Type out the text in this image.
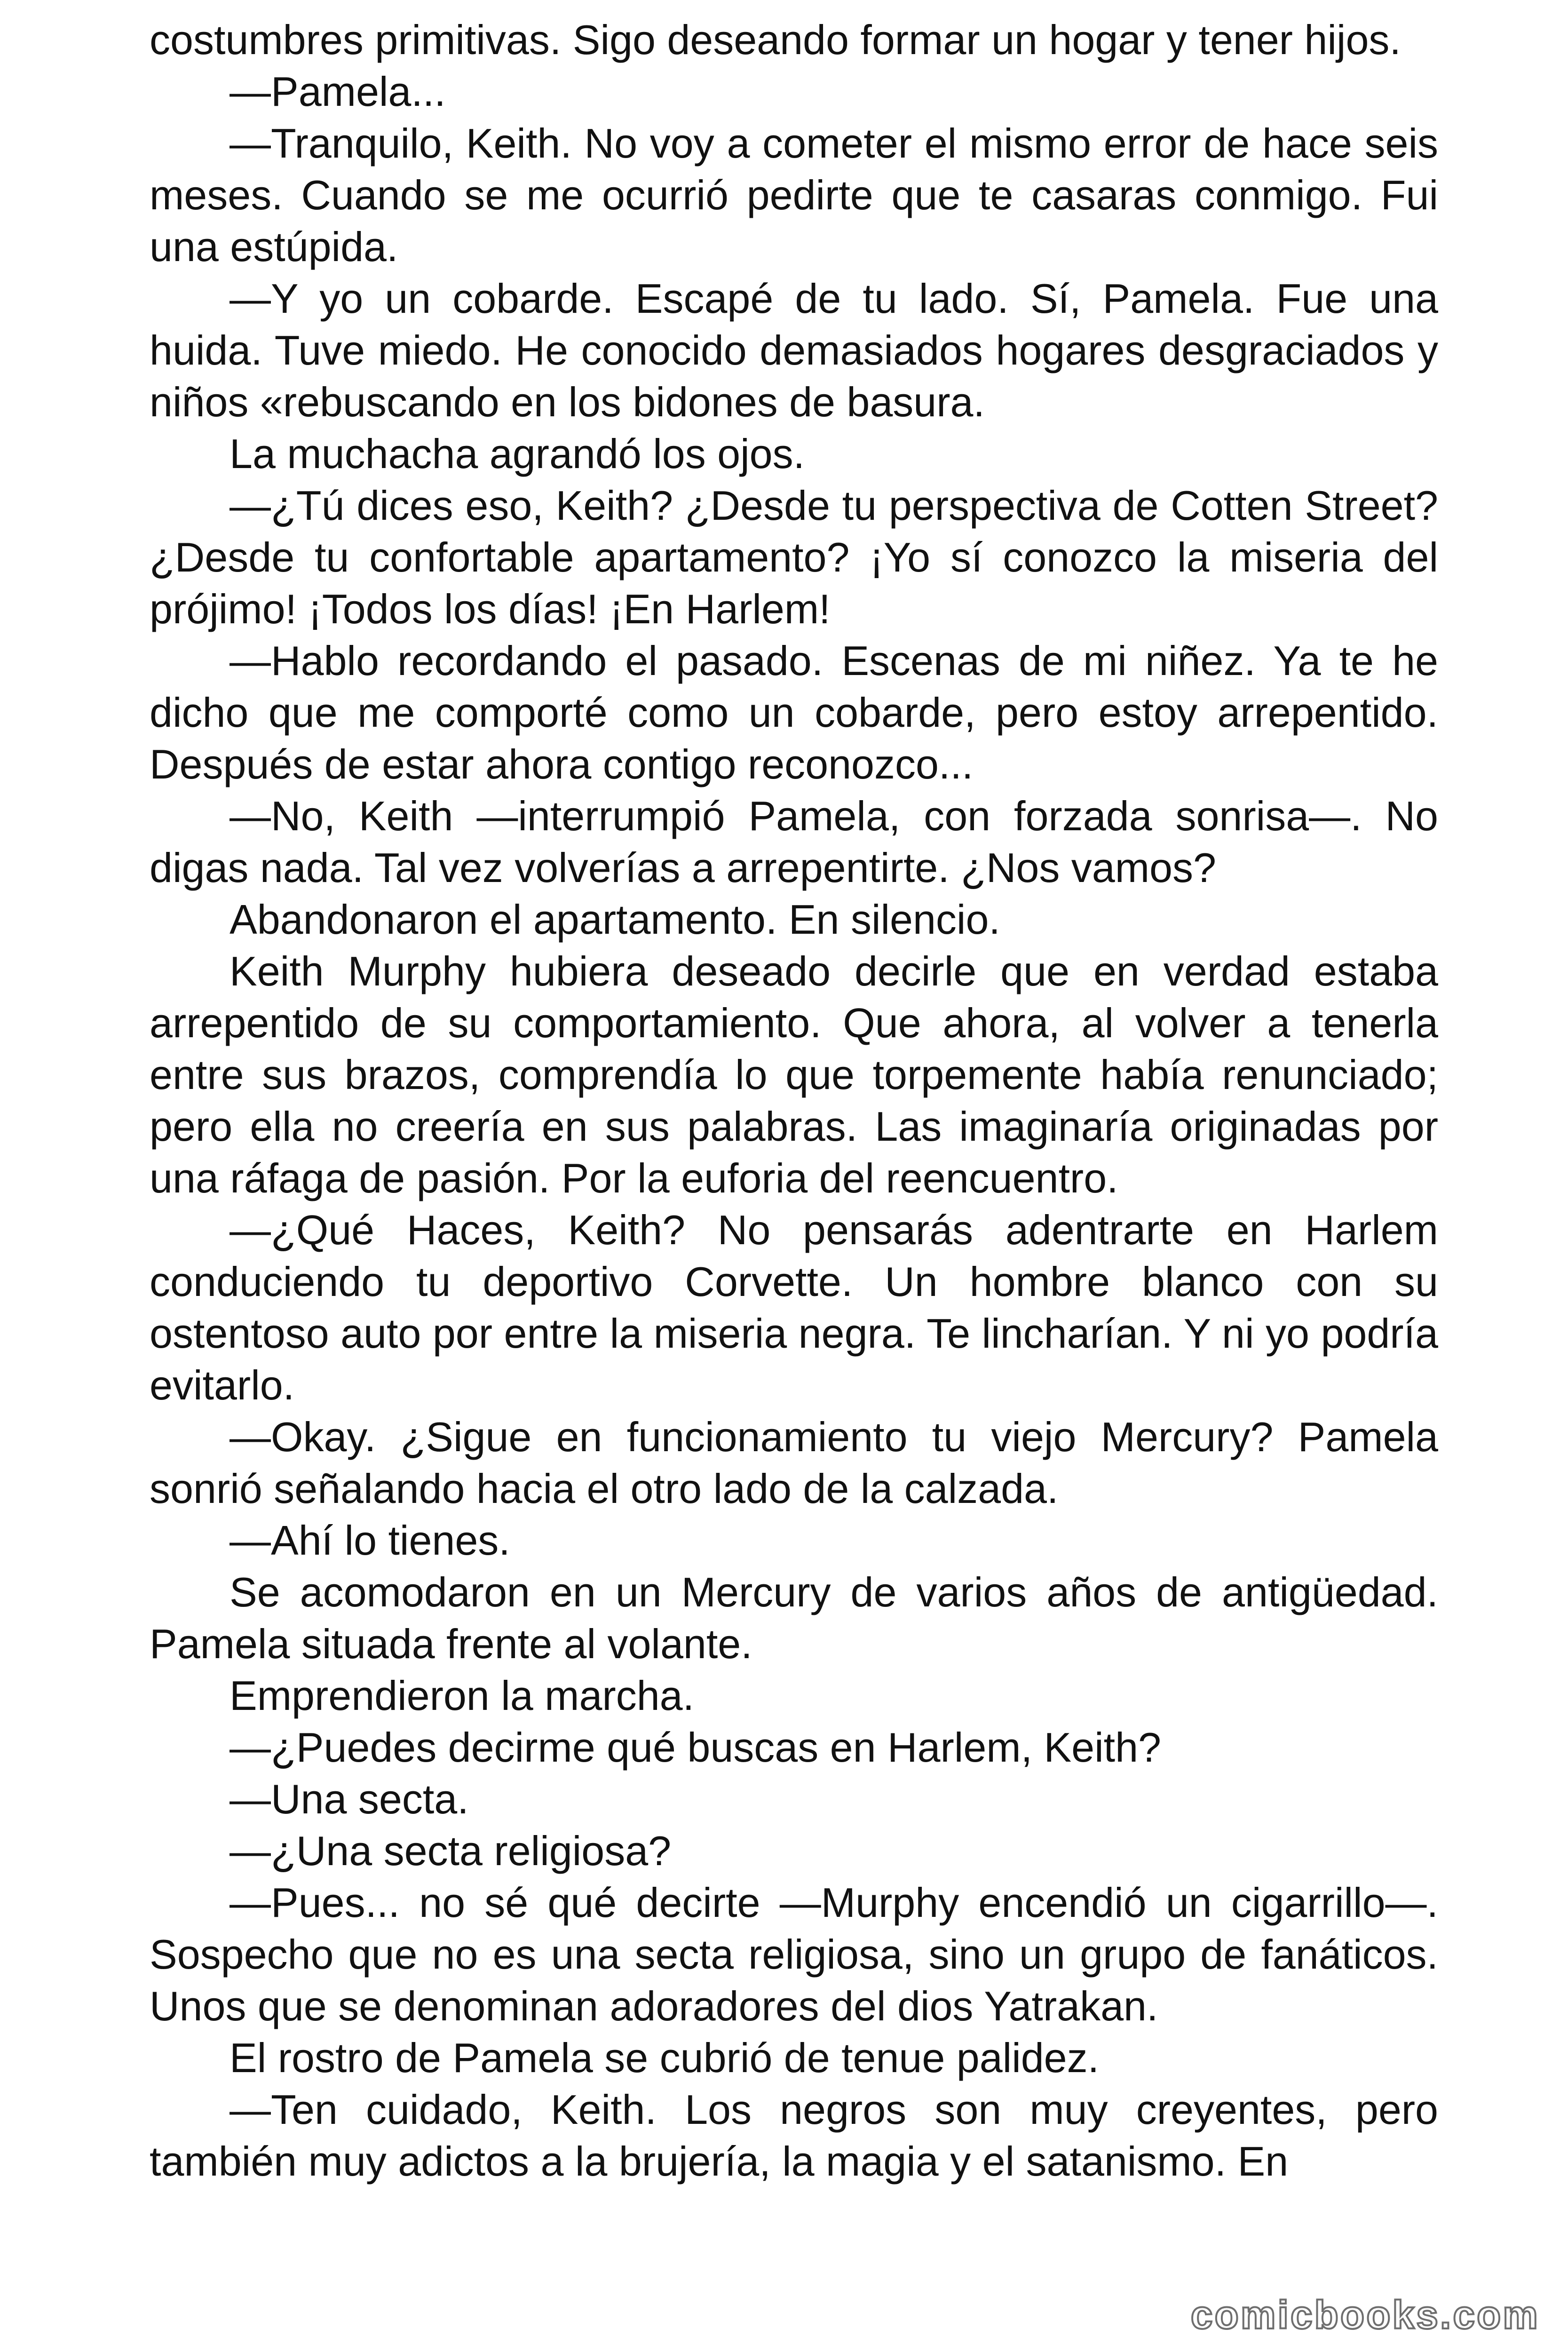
costumbres primitivas. Sigo deseando formar un hogar y tener hijos.

—Pamela...

—Tranquilo, Keith. No voy a cometer el mismo error de hace seis meses. Cuando se me ocurrió pedirte que te casaras conmigo. Fui una estúpida.

—Y yo un cobarde. Escapé de tu lado. Sí, Pamela. Fue una huida. Tuve miedo. He conocido demasiados hogares desgraciados y niños «rebuscando en los bidones de basura.

La muchacha agrandó los ojos.

—¿Tú dices eso, Keith? ¿Desde tu perspectiva de Cotten Street? ¿Desde tu confortable apartamento? ¡Yo sí conozco la miseria del prójimo! ¡Todos los días! ¡En Harlem!

—Hablo recordando el pasado. Escenas de mi niñez. Ya te he dicho que me comporté como un cobarde, pero estoy arrepentido. Después de estar ahora contigo reconozco...

—No, Keith —interrumpió Pamela, con forzada sonrisa—. No digas nada. Tal vez volverías a arrepentirte. ¿Nos vamos?

Abandonaron el apartamento. En silencio.

Keith Murphy hubiera deseado decirle que en verdad estaba arrepentido de su comportamiento. Que ahora, al volver a tenerla entre sus brazos, comprendía lo que torpemente había renunciado; pero ella no creería en sus palabras. Las imaginaría originadas por una ráfaga de pasión. Por la euforia del reencuentro.

—¿Qué Haces, Keith? No pensarás adentrarte en Harlem conduciendo tu deportivo Corvette. Un hombre blanco con su ostentoso auto por entre la miseria negra. Te lincharían. Y ni yo podría evitarlo.

—Okay. ¿Sigue en funcionamiento tu viejo Mercury? Pamela sonrió señalando hacia el otro lado de la calzada.

—Ahí lo tienes.

Se acomodaron en un Mercury de varios años de antigüedad. Pamela situada frente al volante.

Emprendieron la marcha.

—¿Puedes decirme qué buscas en Harlem, Keith?

—Una secta.

—¿Una secta religiosa?

—Pues... no sé qué decirte —Murphy encendió un cigarrillo—. Sospecho que no es una secta religiosa, sino un grupo de fanáticos. Unos que se denominan adoradores del dios Yatrakan.

El rostro de Pamela se cubrió de tenue palidez.

—Ten cuidado, Keith. Los negros son muy creyentes, pero también muy adictos a la brujería, la magia y el satanismo. En

comicbooks.com
